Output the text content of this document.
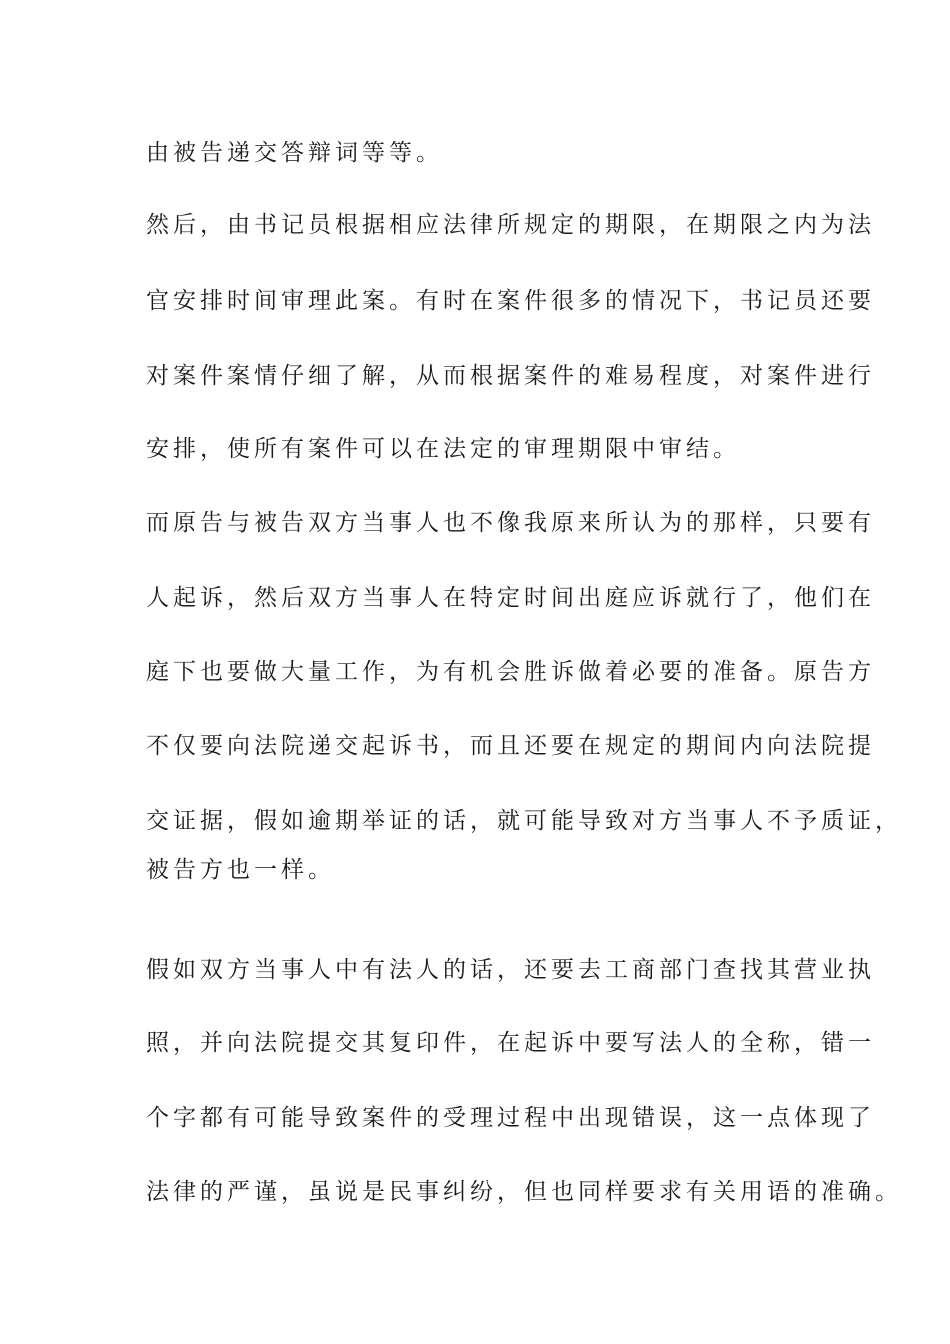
由被告递交答辩词等等。
然后，由书记员根据相应法律所规定的期限，在期限之内为法
官安排时间审理此案。有时在案件很多的情况下，书记员还要
对案件案情仔细了解，从而根据案件的难易程度，对案件进行
安排，使所有案件可以在法定的审理期限中审结。
而原告与被告双方当事人也不像我原来所认为的那样，只要有
人起诉，然后双方当事人在特定时间出庭应诉就行了，他们在
庭下也要做大量工作，为有机会胜诉做着必要的准备。原告方
不仅要向法院递交起诉书，而且还要在规定的期间内向法院提
交证据，假如逾期举证的话，就可能导致对方当事人不予质证，
被告方也一样。
假如双方当事人中有法人的话，还要去工商部门查找其营业执
照，并向法院提交其复印件，在起诉中要写法人的全称，错一
个字都有可能导致案件的受理过程中出现错误，这一点体现了
法律的严谨，虽说是民事纠纷，但也同样要求有关用语的准确。
